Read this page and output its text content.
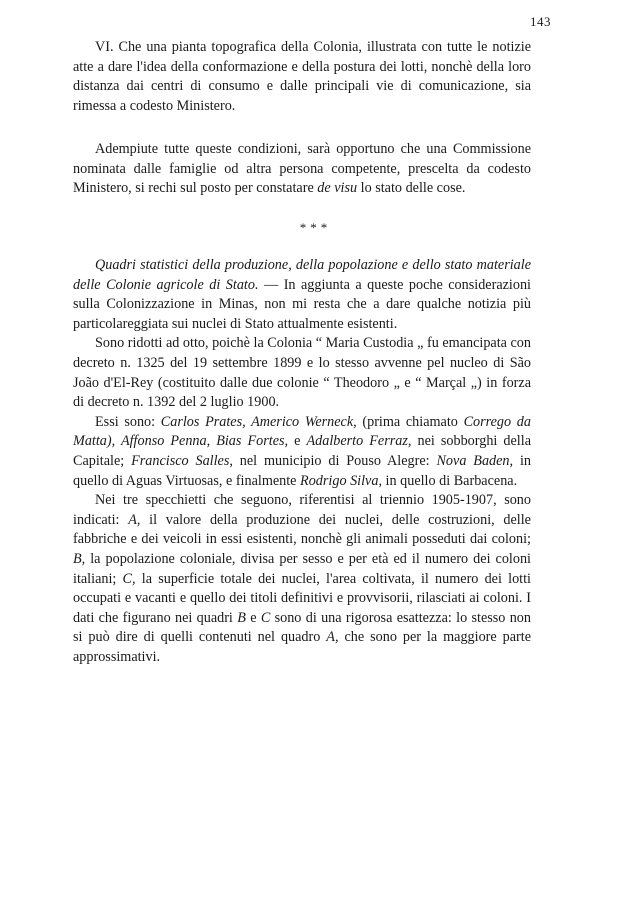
143

VI. Che una pianta topografica della Colonia, illustrata con tutte le notizie atte a dare l'idea della conformazione e della postura dei lotti, nonchè della loro distanza dai centri di consumo e dalle principali vie di comunicazione, sia rimessa a codesto Ministero.

Adempiute tutte queste condizioni, sarà opportuno che una Commissione nominata dalle famiglie od altra persona competente, prescelta da codesto Ministero, si rechi sul posto per constatare de visu lo stato delle cose.

***

Quadri statistici della produzione, della popolazione e dello stato materiale delle Colonie agricole di Stato. — In aggiunta a queste poche considerazioni sulla Colonizzazione in Minas, non mi resta che a dare qualche notizia più particolareggiata sui nuclei di Stato attualmente esistenti.

Sono ridotti ad otto, poichè la Colonia “ Maria Custodia „ fu emancipata con decreto n. 1325 del 19 settembre 1899 e lo stesso avvenne pel nucleo di São João d'El-Rey (costituito dalle due colonie “ Theodoro „ e “ Marçal „) in forza di decreto n. 1392 del 2 luglio 1900.

Essi sono: Carlos Prates, Americo Werneck, (prima chiamato Corrego da Matta), Affonso Penna, Bias Fortes, e Adalberto Ferraz, nei sobborghi della Capitale; Francisco Salles, nel municipio di Pouso Alegre: Nova Baden, in quello di Aguas Virtuosas, e finalmente Rodrigo Silva, in quello di Barbacena.

Nei tre specchietti che seguono, riferentisi al triennio 1905-1907, sono indicati: A, il valore della produzione dei nuclei, delle costruzioni, delle fabbriche e dei veicoli in essi esistenti, nonchè gli animali posseduti dai coloni; B, la popolazione coloniale, divisa per sesso e per età ed il numero dei coloni italiani; C, la superficie totale dei nuclei, l'area coltivata, il numero dei lotti occupati e vacanti e quello dei titoli definitivi e provvisorii, rilasciati ai coloni. I dati che figurano nei quadri B e C sono di una rigorosa esattezza: lo stesso non si può dire di quelli contenuti nel quadro A, che sono per la maggiore parte approssimativi.
